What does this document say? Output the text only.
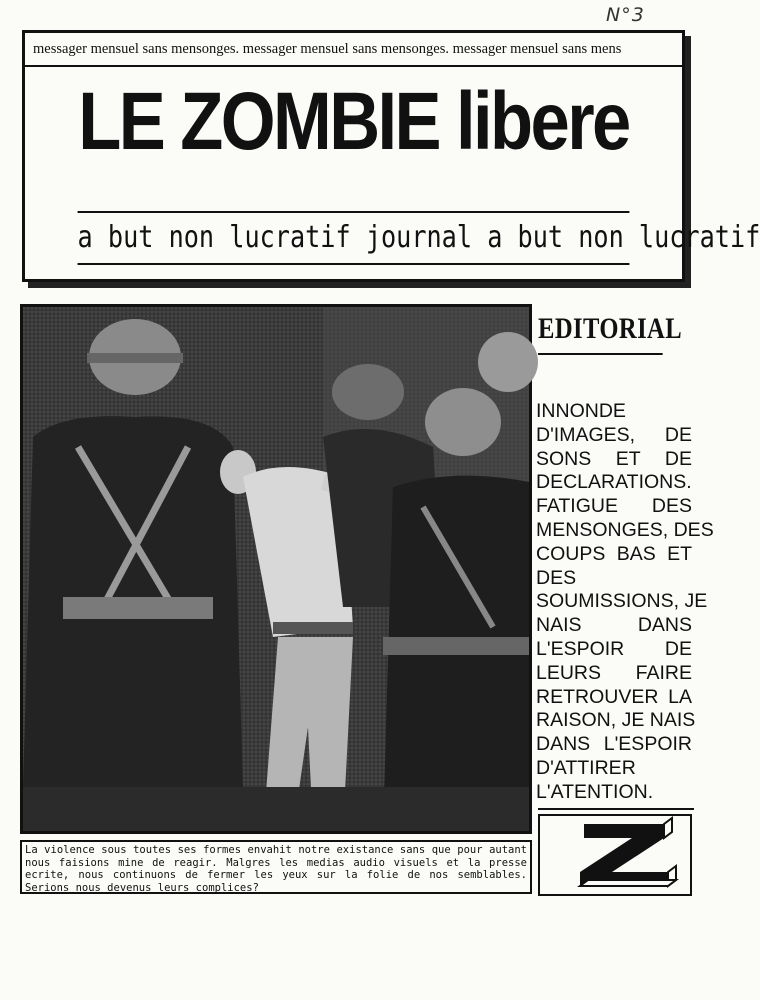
N°3
messager mensuel sans mensonges. messager mensuel sans mensonges. messager mensuel sans mens
LE ZOMBIE libere
a but non lucratif journal a but non lucratif
La violence sous toutes ses formes envahit notre existance sans que pour autant nous faisions mine de reagir. Malgres les medias audio visuels et la presse ecrite, nous continuons de fermer les yeux sur la folie de nos semblables. Serions nous devenus leurs complices?
EDITORIAL
INNONDE
D'IMAGES, DE
SONS ET DE
DECLARATIONS.
FATIGUE DES
MENSONGES, DES
COUPS BAS ET
DES
SOUMISSIONS, JE
NAIS DANS
L'ESPOIR DE
LEURS FAIRE
RETROUVER LA
RAISON, JE NAIS
DANS L'ESPOIR
D'ATTIRER
L'ATENTION.
